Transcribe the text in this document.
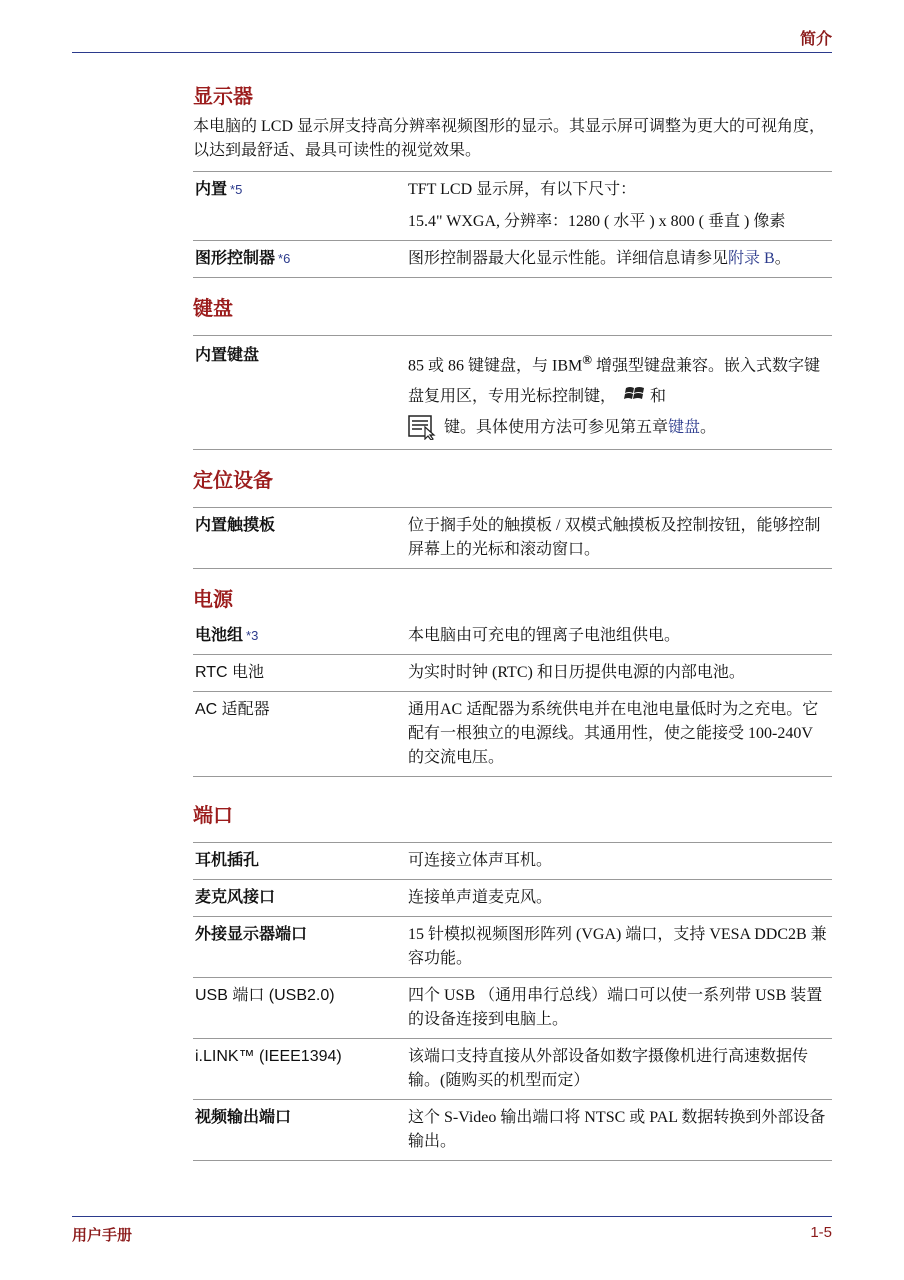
简介
显示器

本电脑的 LCD 显示屏支持高分辨率视频图形的显示。其显示屏可调整为更大的可视角度，以达到最舒适、最具可读性的视觉效果。

内置 *5	TFT LCD 显示屏，有以下尺寸：

15.4" WXGA, 分辨率：1280 ( 水平 ) x 800 ( 垂直 ) 像素

图形控制器 *6	图形控制器最大化显示性能。详细信息请参见附录 B。
键盘
内置键盘
85 或 86 键键盘，与 IBM® 增强型键盘兼容。嵌入式数字键盘复用区，专用光标控制键， 和
键。具体使用方法可参见第五章键盘。
定位设备
内置触摸板	位于搁手处的触摸板 / 双模式触摸板及控制按钮，能够控制屏幕上的光标和滚动窗口。
电源
电池组 *3	本电脑由可充电的锂离子电池组供电。
RTC 电池	为实时时钟 (RTC) 和日历提供电源的内部电池。
AC 适配器	通用AC 适配器为系统供电并在电池电量低时为之充电。它配有一根独立的电源线。其通用性，使之能接受 100-240V 的交流电压。
端口
耳机插孔	可连接立体声耳机。
麦克风接口	连接单声道麦克风。
外接显示器端口	15 针模拟视频图形阵列 (VGA) 端口，支持 VESA DDC2B 兼容功能。
USB 端口 (USB2.0)	四个 USB （通用串行总线）端口可以使一系列带 USB 装置的设备连接到电脑上。
i.LINK™ (IEEE1394)	该端口支持直接从外部设备如数字摄像机进行高速数据传输。(随购买的机型而定）
视频输出端口	这个 S-Video 输出端口将 NTSC 或 PAL 数据转换到外部设备输出。
用户手册	1-5
